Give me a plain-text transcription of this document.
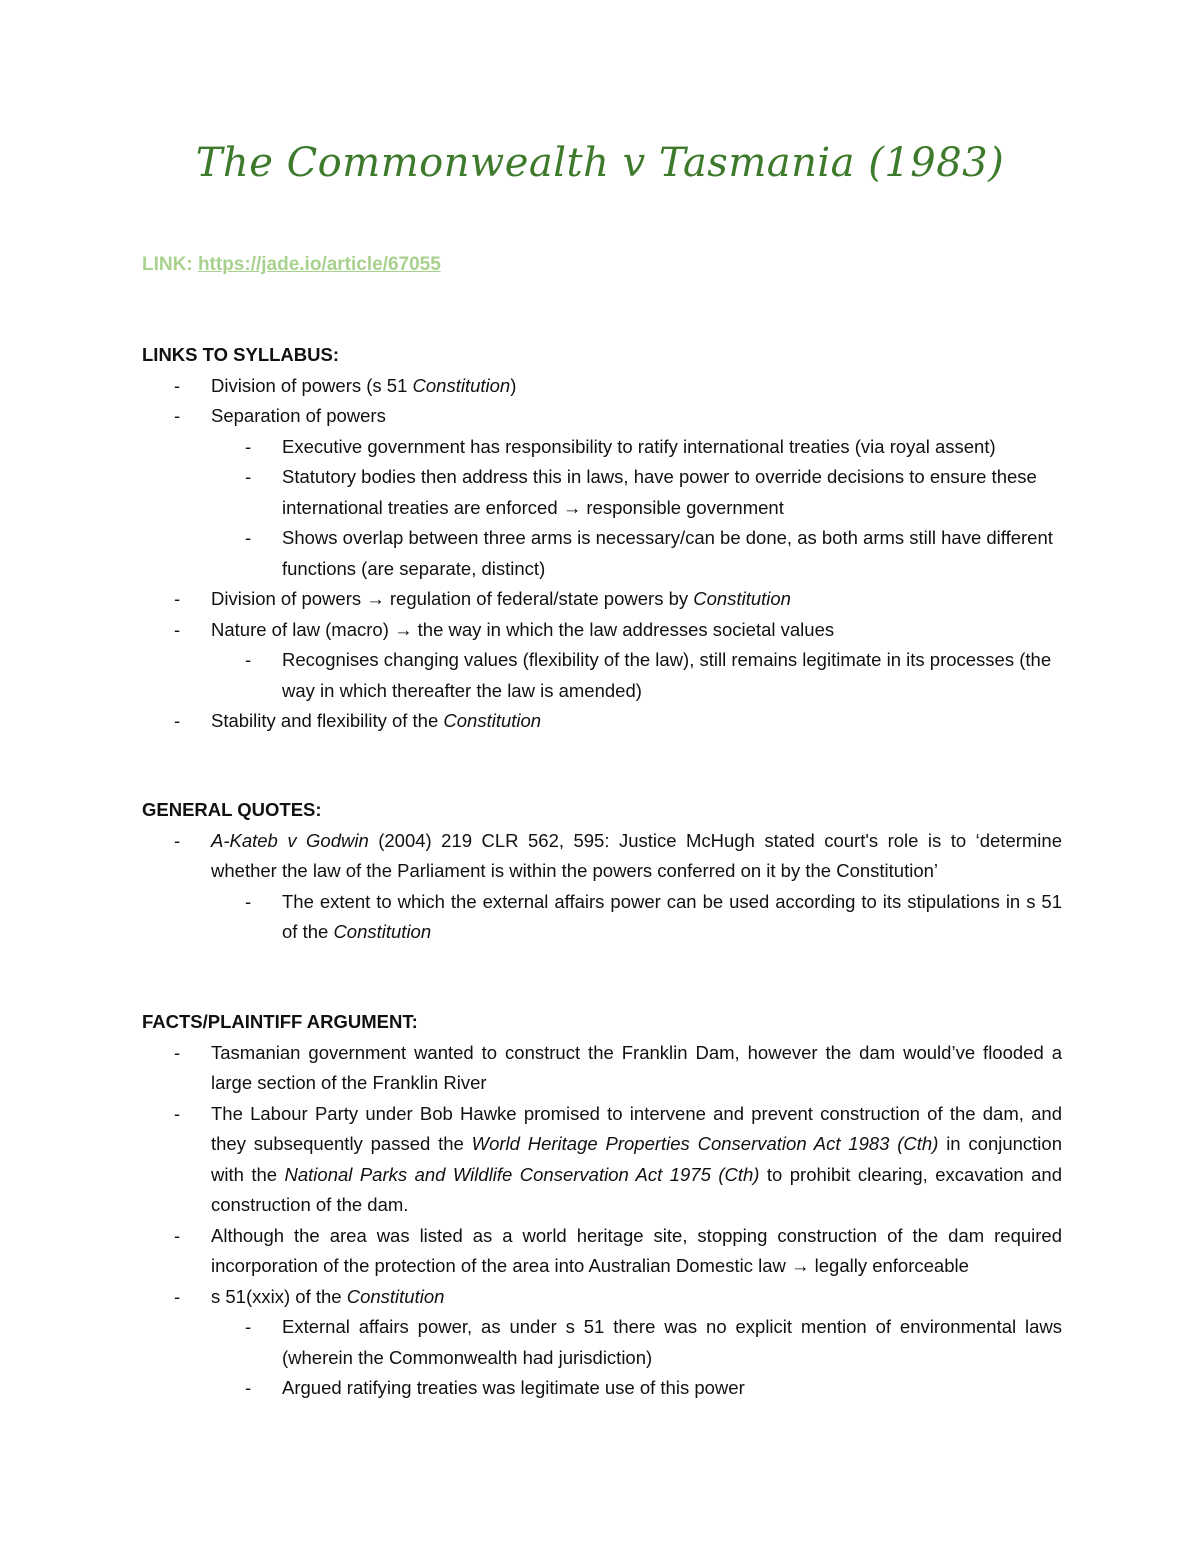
The Commonwealth v Tasmania (1983)
LINK: https://jade.io/article/67055
LINKS TO SYLLABUS:
- Division of powers (s 51 Constitution)
- Separation of powers
- Executive government has responsibility to ratify international treaties (via royal assent)
- Statutory bodies then address this in laws, have power to override decisions to ensure these international treaties are enforced → responsible government
- Shows overlap between three arms is necessary/can be done, as both arms still have different functions (are separate, distinct)
- Division of powers → regulation of federal/state powers by Constitution
- Nature of law (macro) → the way in which the law addresses societal values
- Recognises changing values (flexibility of the law), still remains legitimate in its processes (the way in which thereafter the law is amended)
- Stability and flexibility of the Constitution
GENERAL QUOTES:
- A-Kateb v Godwin (2004) 219 CLR 562, 595: Justice McHugh stated court's role is to ‘determine whether the law of the Parliament is within the powers conferred on it by the Constitution’
- The extent to which the external affairs power can be used according to its stipulations in s 51 of the Constitution
FACTS/PLAINTIFF ARGUMENT:
- Tasmanian government wanted to construct the Franklin Dam, however the dam would’ve flooded a large section of the Franklin River
- The Labour Party under Bob Hawke promised to intervene and prevent construction of the dam, and they subsequently passed the World Heritage Properties Conservation Act 1983 (Cth) in conjunction with the National Parks and Wildlife Conservation Act 1975 (Cth) to prohibit clearing, excavation and construction of the dam.
- Although the area was listed as a world heritage site, stopping construction of the dam required incorporation of the protection of the area into Australian Domestic law → legally enforceable
- s 51(xxix) of the Constitution
- External affairs power, as under s 51 there was no explicit mention of environmental laws (wherein the Commonwealth had jurisdiction)
- Argued ratifying treaties was legitimate use of this power
